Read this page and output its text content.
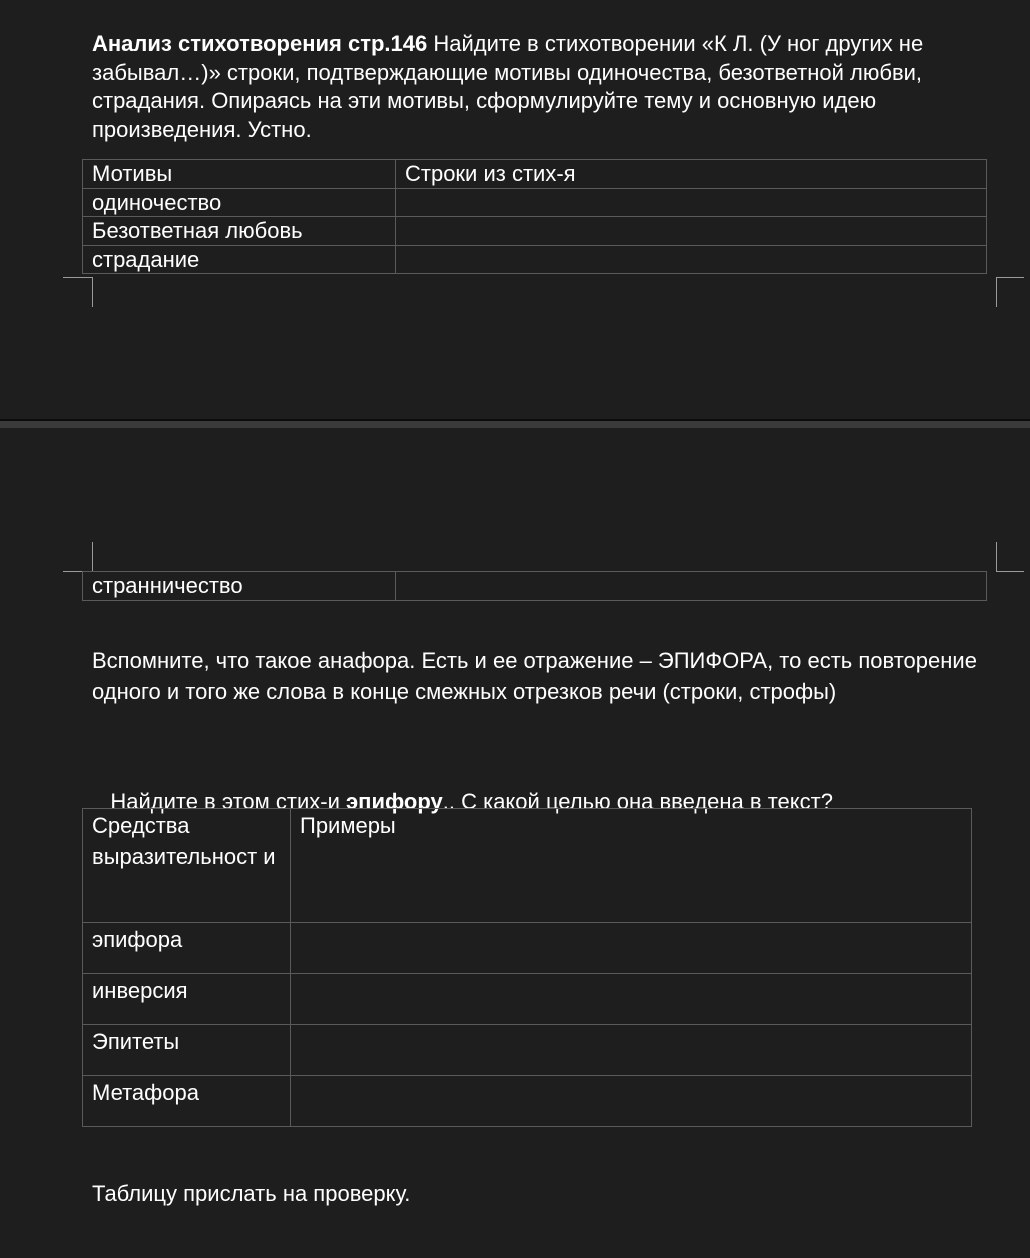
Анализ стихотворения стр.146 Найдите в стихотворении «К Л. (У ног других не забывал…)» строки, подтверждающие мотивы одиночества, безответной любви, страдания. Опираясь на эти мотивы, сформулируйте тему и основную идею произведения. Устно.
Мотивы	Строки из стих-я
одиночество	
Безответная любовь	
страдание	
странничество	
Вспомните, что такое анафора. Есть и ее отражение – ЭПИФОРА, то есть повторение одного и того же слова в конце смежных отрезков речи (строки, строфы)

Найдите в этом стих-и эпифору.. С какой целью она введена в текст?

Средства выразительност и	Примеры
эпифора	
инверсия	
Эпитеты	
Метафора	
Таблицу прислать на проверку.
